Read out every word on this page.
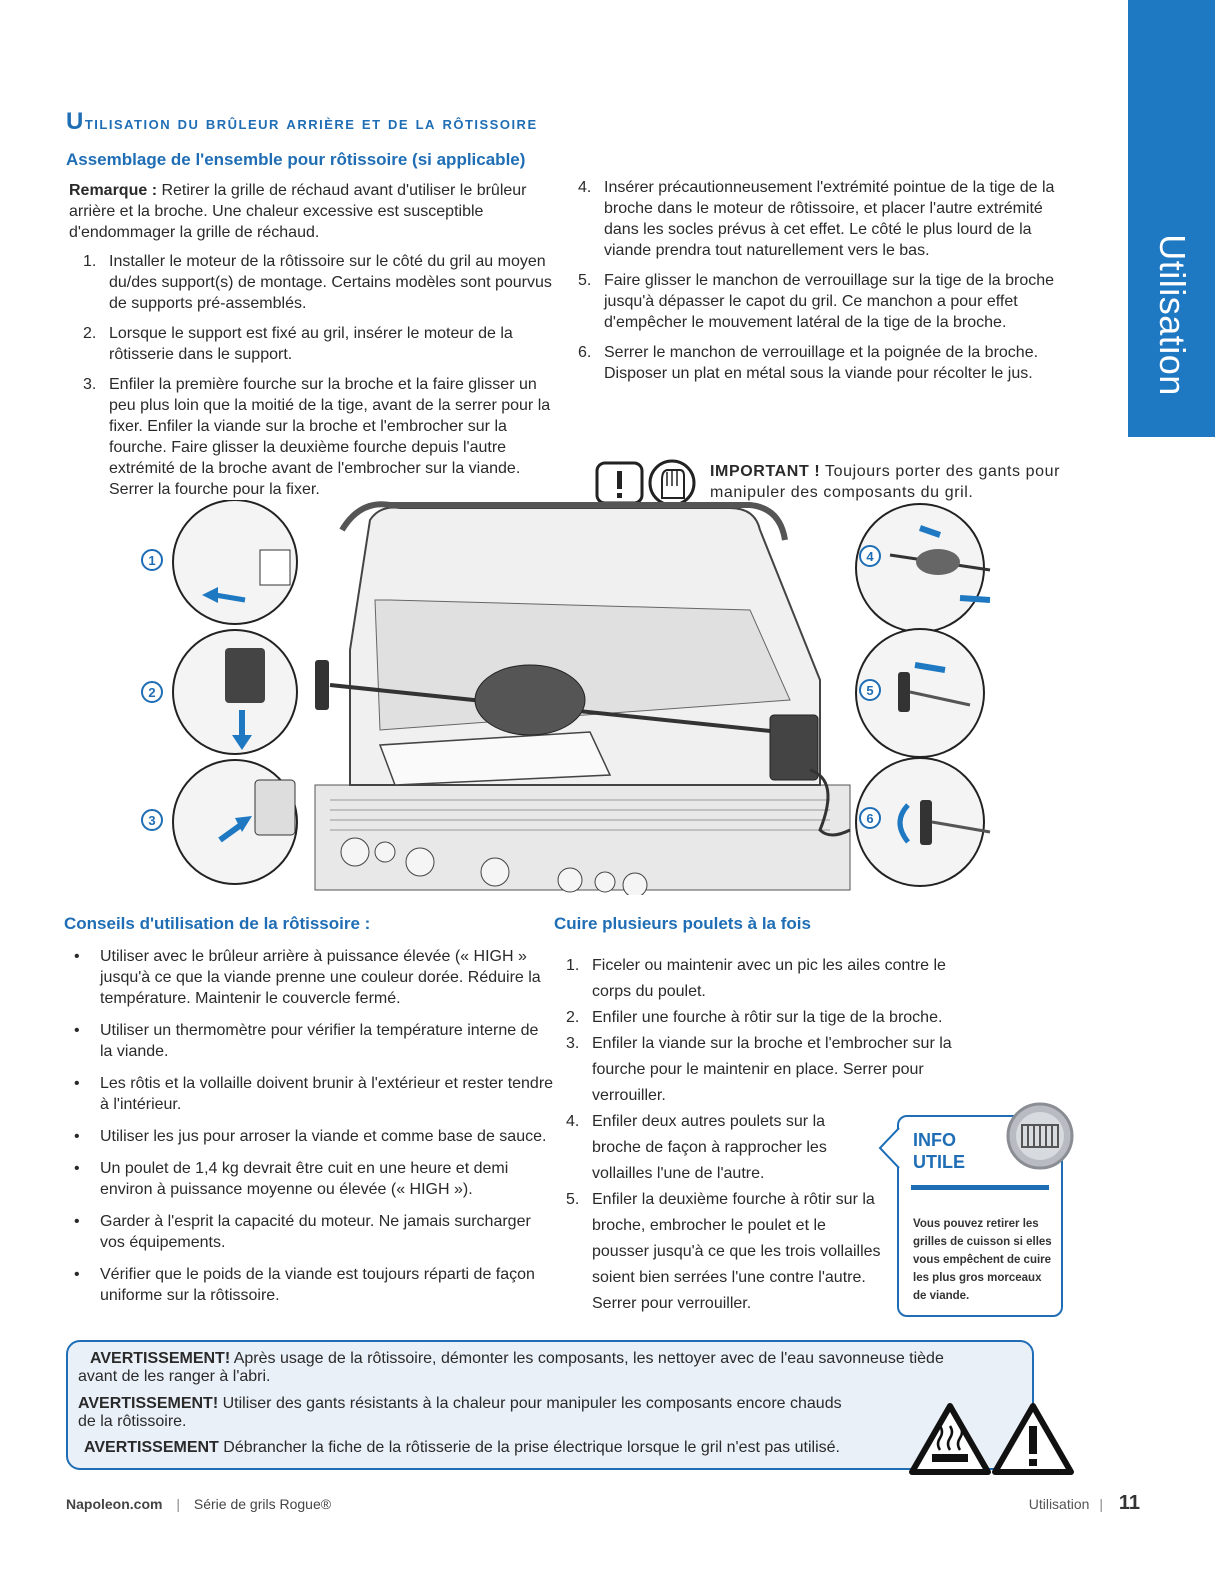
Utilisation
Utilisation du brûleur arrière et de la rôtissoire
Assemblage de l'ensemble pour rôtissoire (si applicable)
Remarque : Retirer la grille de réchaud avant d'utiliser le brûleur arrière et la broche. Une chaleur excessive est susceptible d'endommager la grille de réchaud.
1. Installer le moteur de la rôtissoire sur le côté du gril au moyen du/des support(s) de montage. Certains modèles sont pourvus de supports pré-assemblés.
2. Lorsque le support est fixé au gril, insérer le moteur de la rôtisserie dans le support.
3. Enfiler la première fourche sur la broche et la faire glisser un peu plus loin que la moitié de la tige, avant de la serrer pour la fixer. Enfiler la viande sur la broche et l'embrocher sur la fourche. Faire glisser la deuxième fourche depuis l'autre extrémité de la broche avant de l'embrocher sur la viande. Serrer la fourche pour la fixer.
4. Insérer précautionneusement l'extrémité pointue de la tige de la broche dans le moteur de rôtissoire, et placer l'autre extrémité dans les socles prévus à cet effet. Le côté le plus lourd de la viande prendra tout naturellement vers le bas.
5. Faire glisser le manchon de verrouillage sur la tige de la broche jusqu'à dépasser le capot du gril. Ce manchon a pour effet d'empêcher le mouvement latéral de la tige de la broche.
6. Serrer le manchon de verrouillage et la poignée de la broche. Disposer un plat en métal sous la viande pour récolter le jus.
IMPORTANT ! Toujours porter des gants pour manipuler des composants du gril.
1
2
3
4
5
6
Conseils d'utilisation de la rôtissoire :
• Utiliser avec le brûleur arrière à puissance élevée (« HIGH » jusqu'à ce que la viande prenne une couleur dorée. Réduire la température. Maintenir le couvercle fermé.
• Utiliser un thermomètre pour vérifier la température interne de la viande.
• Les rôtis et la vollaille doivent brunir à l'extérieur et rester tendre à l'intérieur.
• Utiliser les jus pour arroser la viande et comme base de sauce.
• Un poulet de 1,4 kg devrait être cuit en une heure et demi environ à puissance moyenne ou élevée (« HIGH »).
• Garder à l'esprit la capacité du moteur. Ne jamais surcharger vos équipements.
• Vérifier que le poids de la viande est toujours réparti de façon uniforme sur la rôtissoire.
Cuire plusieurs poulets à la fois
1. Ficeler ou maintenir avec un pic les ailes contre le corps du poulet.
2. Enfiler une fourche à rôtir sur la tige de la broche.
3. Enfiler la viande sur la broche et l'embrocher sur la fourche pour le maintenir en place. Serrer pour verrouiller.
4. Enfiler deux autres poulets sur la broche de façon à rapprocher les vollailles l'une de l'autre.
5. Enfiler la deuxième fourche à rôtir sur la broche, embrocher le poulet et le pousser jusqu'à ce que les trois vollailles soient bien serrées l'une contre l'autre. Serrer pour verrouiller.
INFO UTILE
Vous pouvez retirer les grilles de cuisson si elles vous empêchent de cuire les plus gros morceaux de viande.
AVERTISSEMENT! Après usage de la rôtissoire, démonter les composants, les nettoyer avec de l'eau savonneuse tiède
avant de les ranger à l'abri.
AVERTISSEMENT! Utiliser des gants résistants à la chaleur pour manipuler les composants encore chauds
de la rôtissoire.
AVERTISSEMENT Débrancher la fiche de la rôtisserie de la prise électrique lorsque le gril n'est pas utilisé.
Napoleon.com | Série de grils Rogue®	Utilisation | 11
